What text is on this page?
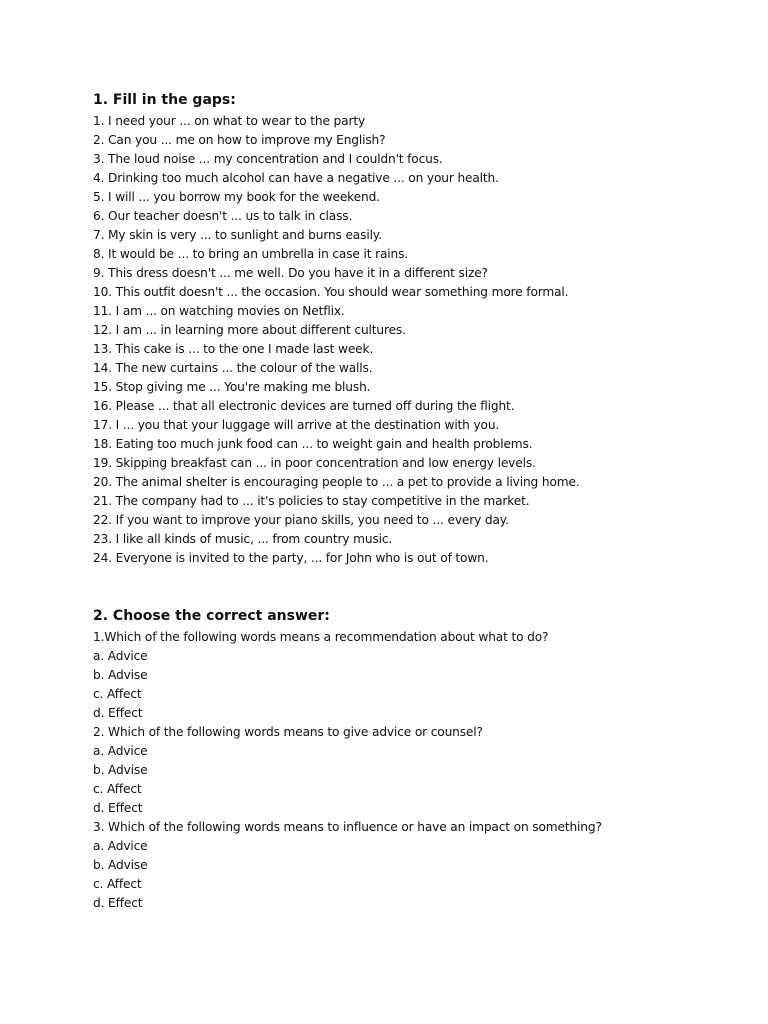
1. Fill in the gaps:
1. I need your ... on what to wear to the party
2. Can you ... me on how to improve my English?
3. The loud noise ... my concentration and I couldn't focus.
4. Drinking too much alcohol can have a negative ... on your health.
5. I will ... you borrow my book for the weekend.
6. Our teacher doesn't ... us to talk in class.
7. My skin is very ... to sunlight and burns easily.
8. It would be ... to bring an umbrella in case it rains.
9. This dress doesn't ... me well. Do you have it in a different size?
10. This outfit doesn't ... the occasion. You should wear something more formal.
11. I am ... on watching movies on Netflix.
12. I am ... in learning more about different cultures.
13. This cake is ... to the one I made last week.
14. The new curtains ... the colour of the walls.
15. Stop giving me ... You're making me blush.
16. Please ... that all electronic devices are turned off during the flight.
17. I ... you that your luggage will arrive at the destination with you.
18. Eating too much junk food can ... to weight gain and health problems.
19. Skipping breakfast can ... in poor concentration and low energy levels.
20. The animal shelter is encouraging people to ... a pet to provide a living home.
21. The company had to ... it's policies to stay competitive in the market.
22. If you want to improve your piano skills, you need to ... every day.
23. I like all kinds of music, ... from country music.
24. Everyone is invited to the party, ... for John who is out of town.
2. Choose the correct answer:
1.Which of the following words means a recommendation about what to do?
a. Advice
b. Advise
c. Affect
d. Effect
2. Which of the following words means to give advice or counsel?
a. Advice
b. Advise
c. Affect
d. Effect
3. Which of the following words means to influence or have an impact on something?
a. Advice
b. Advise
c. Affect
d. Effect
